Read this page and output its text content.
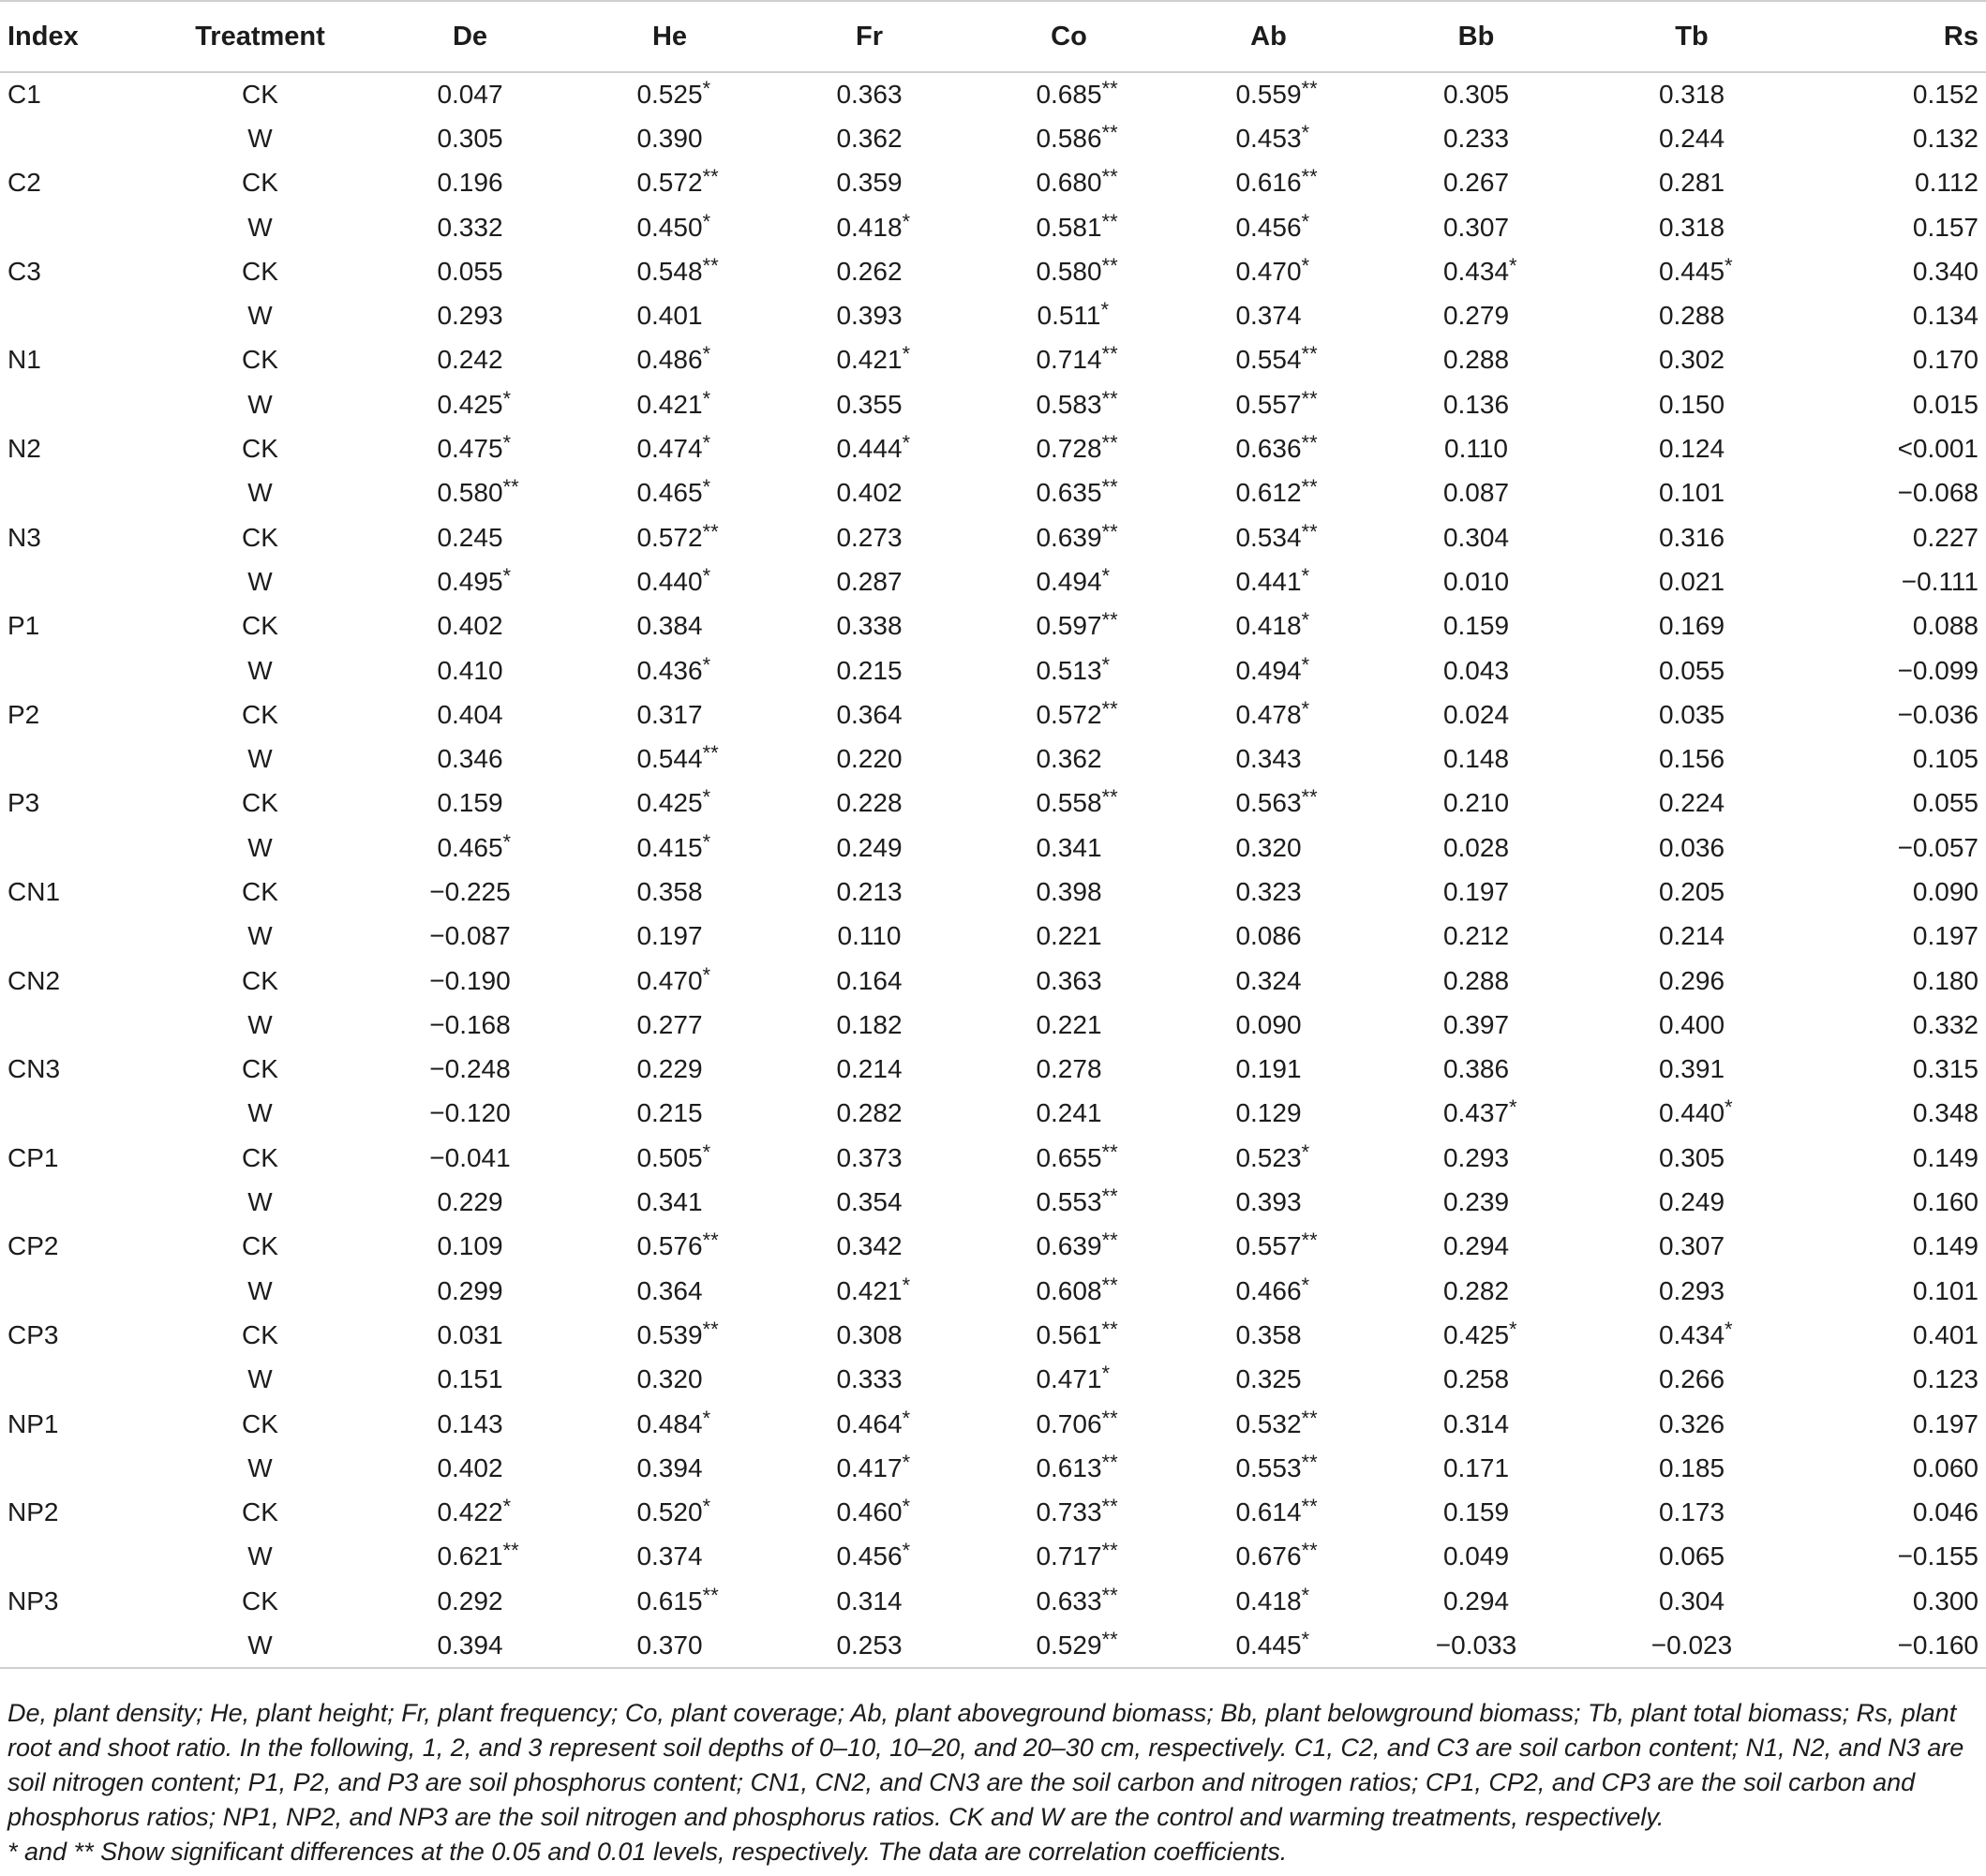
Index	Treatment	De	He	Fr	Co	Ab	Bb	Tb	Rs
C1	CK	0.047	0.525 *	0.363	0.685 **	0.559 **	0.305	0.318	0.152
	W	0.305	0.390	0.362	0.586 **	0.453 *	0.233	0.244	0.132
C2	CK	0.196	0.572 **	0.359	0.680 **	0.616 **	0.267	0.281	0.112
	W	0.332	0.450 *	0.418 *	0.581 **	0.456 *	0.307	0.318	0.157
C3	CK	0.055	0.548 **	0.262	0.580 **	0.470 *	0.434 *	0.445 *	0.340
	W	0.293	0.401	0.393	0.511 *	0.374	0.279	0.288	0.134
N1	CK	0.242	0.486 *	0.421 *	0.714 **	0.554 **	0.288	0.302	0.170
	W	0.425 *	0.421 *	0.355	0.583 **	0.557 **	0.136	0.150	0.015
N2	CK	0.475 *	0.474 *	0.444 *	0.728 **	0.636 **	0.110	0.124	<0.001
	W	0.580 **	0.465 *	0.402	0.635 **	0.612 **	0.087	0.101	−0.068
N3	CK	0.245	0.572 **	0.273	0.639 **	0.534 **	0.304	0.316	0.227
	W	0.495 *	0.440 *	0.287	0.494 *	0.441 *	0.010	0.021	−0.111
P1	CK	0.402	0.384	0.338	0.597 **	0.418 *	0.159	0.169	0.088
	W	0.410	0.436 *	0.215	0.513 *	0.494 *	0.043	0.055	−0.099
P2	CK	0.404	0.317	0.364	0.572 **	0.478 *	0.024	0.035	−0.036
	W	0.346	0.544 **	0.220	0.362	0.343	0.148	0.156	0.105
P3	CK	0.159	0.425 *	0.228	0.558 **	0.563 **	0.210	0.224	0.055
	W	0.465 *	0.415 *	0.249	0.341	0.320	0.028	0.036	−0.057
CN1	CK	−0.225	0.358	0.213	0.398	0.323	0.197	0.205	0.090
	W	−0.087	0.197	0.110	0.221	0.086	0.212	0.214	0.197
CN2	CK	−0.190	0.470 *	0.164	0.363	0.324	0.288	0.296	0.180
	W	−0.168	0.277	0.182	0.221	0.090	0.397	0.400	0.332
CN3	CK	−0.248	0.229	0.214	0.278	0.191	0.386	0.391	0.315
	W	−0.120	0.215	0.282	0.241	0.129	0.437 *	0.440 *	0.348
CP1	CK	−0.041	0.505 *	0.373	0.655 **	0.523 *	0.293	0.305	0.149
	W	0.229	0.341	0.354	0.553 **	0.393	0.239	0.249	0.160
CP2	CK	0.109	0.576 **	0.342	0.639 **	0.557 **	0.294	0.307	0.149
	W	0.299	0.364	0.421 *	0.608 **	0.466 *	0.282	0.293	0.101
CP3	CK	0.031	0.539 **	0.308	0.561 **	0.358	0.425 *	0.434 *	0.401
	W	0.151	0.320	0.333	0.471 *	0.325	0.258	0.266	0.123
NP1	CK	0.143	0.484 *	0.464 *	0.706 **	0.532 **	0.314	0.326	0.197
	W	0.402	0.394	0.417 *	0.613 **	0.553 **	0.171	0.185	0.060
NP2	CK	0.422 *	0.520 *	0.460 *	0.733 **	0.614 **	0.159	0.173	0.046
	W	0.621 **	0.374	0.456 *	0.717 **	0.676 **	0.049	0.065	−0.155
NP3	CK	0.292	0.615 **	0.314	0.633 **	0.418 *	0.294	0.304	0.300
	W	0.394	0.370	0.253	0.529 **	0.445 *	−0.033	−0.023	−0.160

De, plant density; He, plant height; Fr, plant frequency; Co, plant coverage; Ab, plant aboveground biomass; Bb, plant belowground biomass; Tb, plant total biomass; Rs, plant root and shoot ratio. In the following, 1, 2, and 3 represent soil depths of 0–10, 10–20, and 20–30 cm, respectively. C1, C2, and C3 are soil carbon content; N1, N2, and N3 are soil nitrogen content; P1, P2, and P3 are soil phosphorus content; CN1, CN2, and CN3 are the soil carbon and nitrogen ratios; CP1, CP2, and CP3 are the soil carbon and phosphorus ratios; NP1, NP2, and NP3 are the soil nitrogen and phosphorus ratios. CK and W are the control and warming treatments, respectively.

* and ** Show significant differences at the 0.05 and 0.01 levels, respectively. The data are correlation coefficients.
